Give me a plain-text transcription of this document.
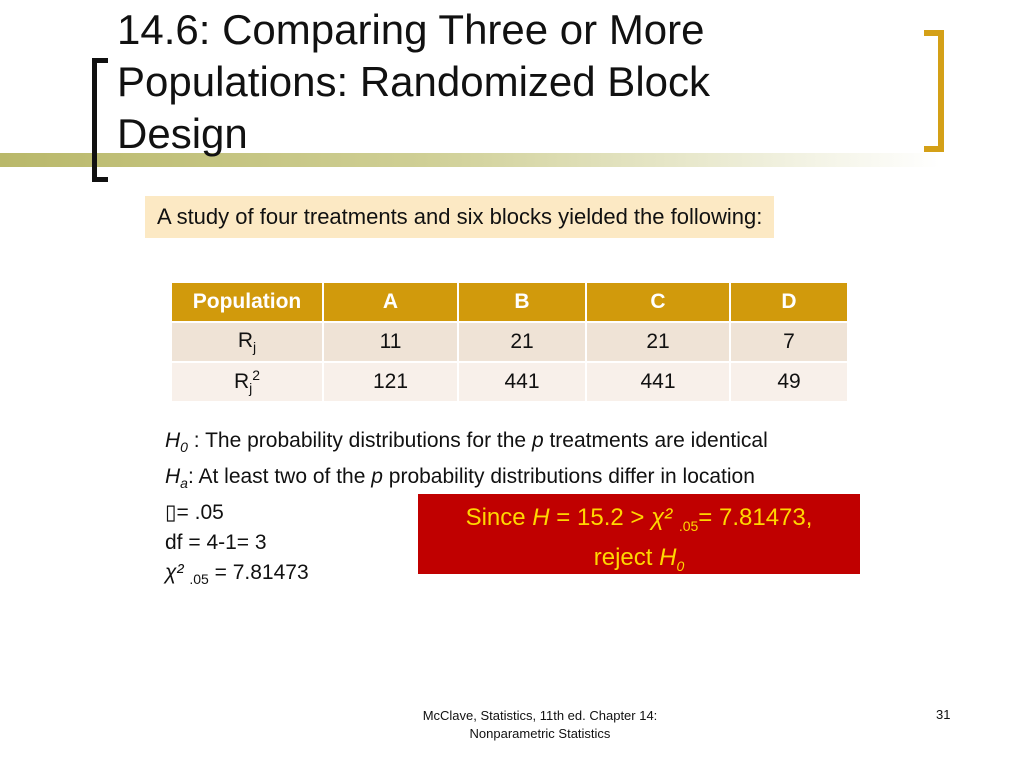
14.6: Comparing Three or More
Populations: Randomized Block
Design
A study of four treatments and six blocks yielded the following:
Population	A	B	C	D
$R_j$	11	21	21	7
$R_j^2$	121	441	441	49
$H_0$ : The probability distributions for the p treatments are identical
$H_a$: At least two of the p probability distributions differ in location
▯= .05
df = 4-1= 3
χ² $_{.05}$ = 7.81473
Since H = 15.2 > χ² $_{.05}$= 7.81473,
reject $H_0$
McClave, Statistics, 11th ed. Chapter 14:
Nonparametric Statistics
31
